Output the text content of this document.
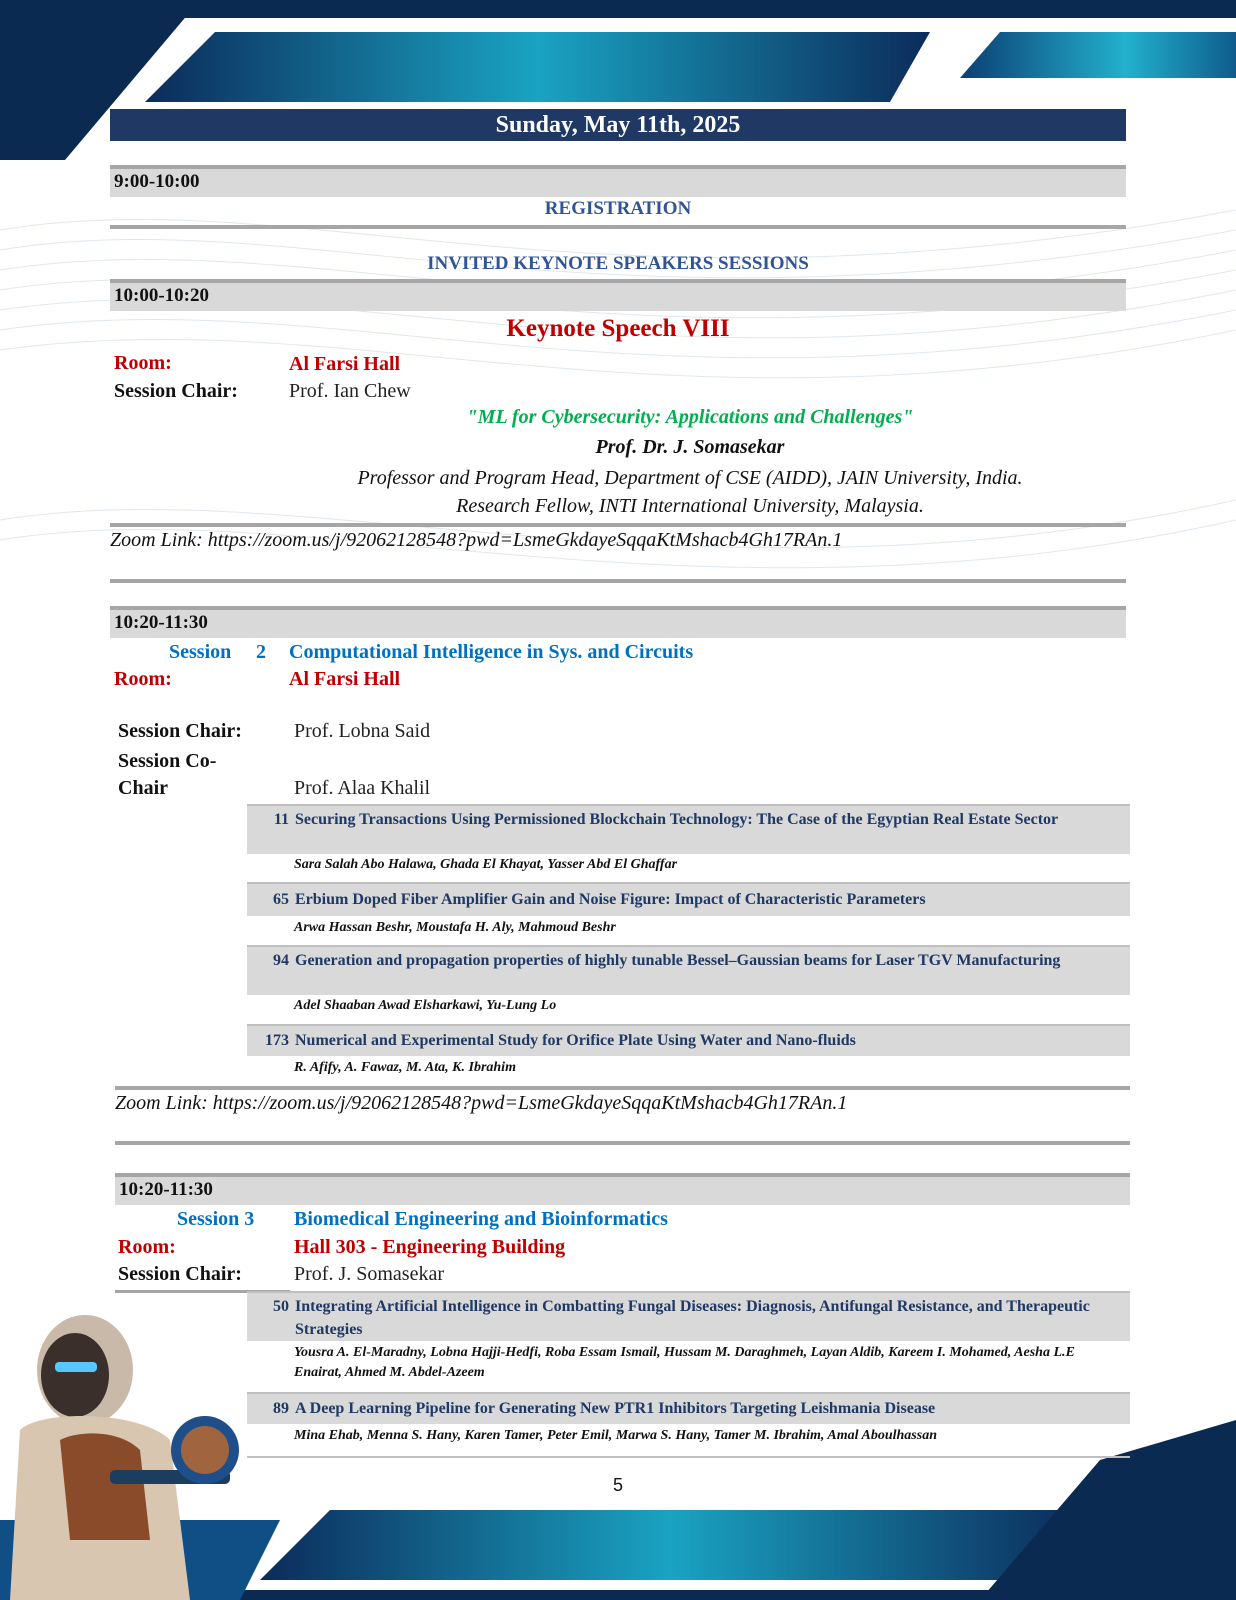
Sunday, May 11th, 2025
9:00-10:00
REGISTRATION
INVITED KEYNOTE SPEAKERS SESSIONS
10:00-10:20
Keynote Speech VIII
Room:	Al Farsi Hall
Session Chair:	Prof. Ian Chew
"ML for Cybersecurity: Applications and Challenges"
Prof. Dr. J. Somasekar
Professor and Program Head, Department of CSE (AIDD), JAIN University, India.
Research Fellow, INTI International University, Malaysia.
Zoom Link: https://zoom.us/j/92062128548?pwd=LsmeGkdayeSqqaKtMshacb4Gh17RAn.1
10:20-11:30
Session 2 Computational Intelligence in Sys. and Circuits
Room:	Al Farsi Hall
Session Chair:	Prof. Lobna Said
Session Co-
Chair	Prof. Alaa Khalil
11 Securing Transactions Using Permissioned Blockchain Technology: The Case of the Egyptian Real Estate Sector
Sara Salah Abo Halawa, Ghada El Khayat, Yasser Abd El Ghaffar
65 Erbium Doped Fiber Amplifier Gain and Noise Figure: Impact of Characteristic Parameters
Arwa Hassan Beshr, Moustafa H. Aly, Mahmoud Beshr
94 Generation and propagation properties of highly tunable Bessel–Gaussian beams for Laser TGV Manufacturing
Adel Shaaban Awad Elsharkawi, Yu-Lung Lo
173 Numerical and Experimental Study for Orifice Plate Using Water and Nano-fluids
R. Afify, A. Fawaz, M. Ata, K. Ibrahim
Zoom Link: https://zoom.us/j/92062128548?pwd=LsmeGkdayeSqqaKtMshacb4Gh17RAn.1
10:20-11:30
Session 3 Biomedical Engineering and Bioinformatics
Room:	Hall 303 - Engineering Building
Session Chair:	Prof. J. Somasekar
50 Integrating Artificial Intelligence in Combatting Fungal Diseases: Diagnosis, Antifungal Resistance, and Therapeutic Strategies
Yousra A. El-Maradny, Lobna Hajji-Hedfi, Roba Essam Ismail, Hussam M. Daraghmeh, Layan Aldib, Kareem I. Mohamed, Aesha L.E Enairat, Ahmed M. Abdel-Azeem
89 A Deep Learning Pipeline for Generating New PTR1 Inhibitors Targeting Leishmania Disease
Mina Ehab, Menna S. Hany, Karen Tamer, Peter Emil, Marwa S. Hany, Tamer M. Ibrahim, Amal Aboulhassan
5
